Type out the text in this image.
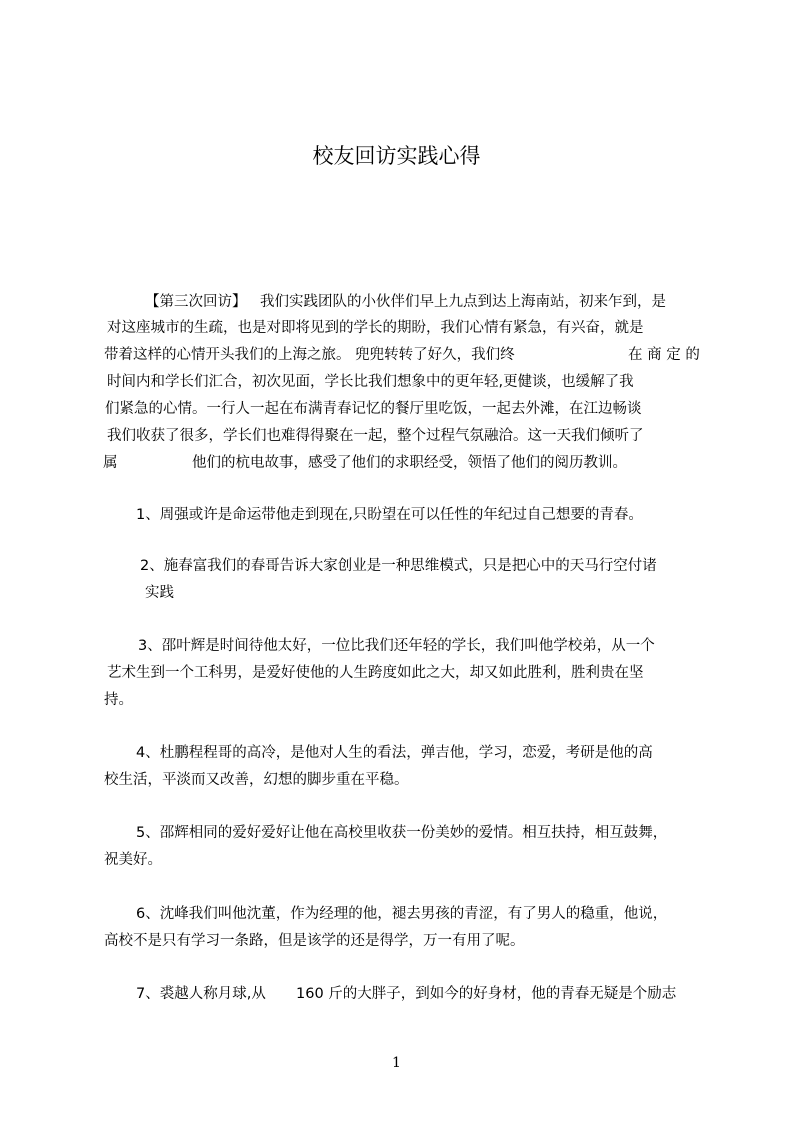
校友回访实践心得
【第三次回访】 我们实践团队的小伙伴们早上九点到达上海南站，初来乍到，是
对这座城市的生疏，也是对即将见到的学长的期盼，我们心情有紧急，有兴奋，就是
带着这样的心情开头我们的上海之旅。 兜兜转转了好久，我们终	在 商 定 的
时间内和学长们汇合，初次见面，学长比我们想象中的更年轻,更健谈，也缓解了我
们紧急的心情。一行人一起在布满青春记忆的餐厅里吃饭，一起去外滩，在江边畅谈
我们收获了很多，学长们也难得得聚在一起，整个过程气氛融洽。这一天我们倾听了
属	他们的杭电故事，感受了他们的求职经受，领悟了他们的阅历教训。
1、周强或许是命运带他走到现在,只盼望在可以任性的年纪过自己想要的青春。
2、施春富我们的春哥告诉大家创业是一种思维模式，只是把心中的天马行空付诸
实践
3、邵叶辉是时间待他太好，一位比我们还年轻的学长，我们叫他学校弟，从一个
艺术生到一个工科男，是爱好使他的人生跨度如此之大，却又如此胜利，胜利贵在坚
持。
4、杜鹏程程哥的高冷，是他对人生的看法，弹吉他，学习，恋爱，考研是他的高
校生活，平淡而又改善，幻想的脚步重在平稳。
5、邵辉相同的爱好爱好让他在高校里收获一份美妙的爱情。相互扶持，相互鼓舞，
祝美好。
6、沈峰我们叫他沈董，作为经理的他，褪去男孩的青涩，有了男人的稳重，他说，
高校不是只有学习一条路，但是该学的还是得学，万一有用了呢。
7、裘越人称月球,从 160 斤的大胖子，到如今的好身材，他的青春无疑是个励志
1
